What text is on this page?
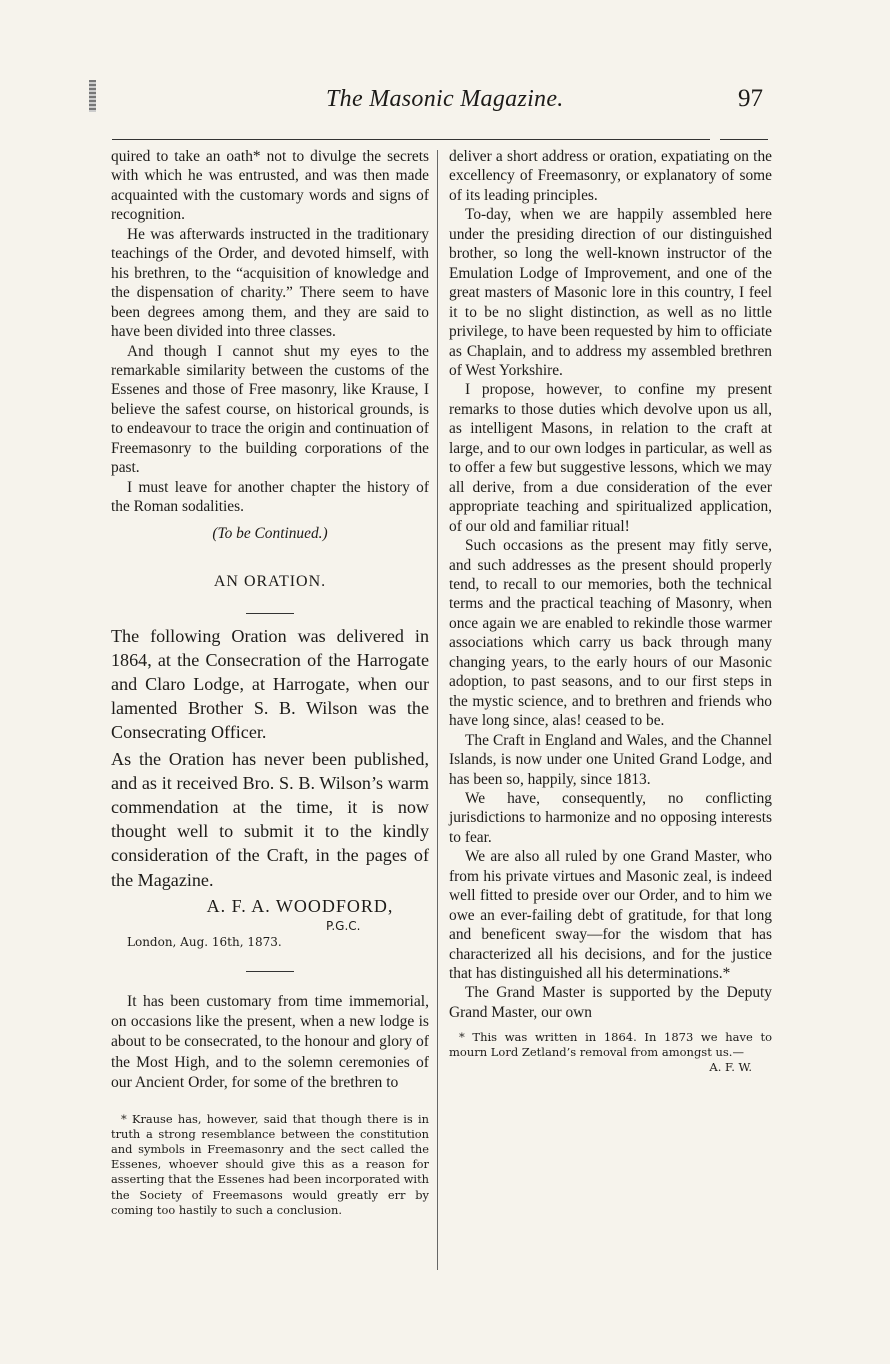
The Masonic Magazine.	97

quired to take an oath* not to divulge the secrets with which he was entrusted, and was then made acquainted with the customary words and signs of recognition.

He was afterwards instructed in the traditionary teachings of the Order, and devoted himself, with his brethren, to the “acquisition of knowledge and the dispensation of charity.” There seem to have been degrees among them, and they are said to have been divided into three classes.

And though I cannot shut my eyes to the remarkable similarity between the customs of the Essenes and those of Free masonry, like Krause, I believe the safest course, on historical grounds, is to endeavour to trace the origin and continuation of Freemasonry to the building corporations of the past.

I must leave for another chapter the history of the Roman sodalities.

(To be Continued.)
AN ORATION.

The following Oration was delivered in 1864, at the Consecration of the Harrogate and Claro Lodge, at Harrogate, when our lamented Brother S. B. Wilson was the Consecrating Officer.

As the Oration has never been published, and as it received Bro. S. B. Wilson’s warm commendation at the time, it is now thought well to submit it to the kindly consideration of the Craft, in the pages of the Magazine.

A. F. A. WOODFORD,
P.G.C.
London, Aug. 16th, 1873.

It has been customary from time immemorial, on occasions like the present, when a new lodge is about to be consecrated, to the honour and glory of the Most High, and to the solemn ceremonies of our Ancient Order, for some of the brethren to

* Krause has, however, said that though there is in truth a strong resemblance between the constitution and symbols in Freemasonry and the sect called the Essenes, whoever should give this as a reason for asserting that the Essenes had been incorporated with the Society of Freemasons would greatly err by coming too hastily to such a conclusion.

deliver a short address or oration, expatiating on the excellency of Freemasonry, or explanatory of some of its leading principles.

To-day, when we are happily assembled here under the presiding direction of our distinguished brother, so long the well-known instructor of the Emulation Lodge of Improvement, and one of the great masters of Masonic lore in this country, I feel it to be no slight distinction, as well as no little privilege, to have been requested by him to officiate as Chaplain, and to address my assembled brethren of West Yorkshire.

I propose, however, to confine my present remarks to those duties which devolve upon us all, as intelligent Masons, in relation to the craft at large, and to our own lodges in particular, as well as to offer a few but suggestive lessons, which we may all derive, from a due consideration of the ever appropriate teaching and spiritualized application, of our old and familiar ritual!

Such occasions as the present may fitly serve, and such addresses as the present should properly tend, to recall to our memories, both the technical terms and the practical teaching of Masonry, when once again we are enabled to rekindle those warmer associations which carry us back through many changing years, to the early hours of our Masonic adoption, to past seasons, and to our first steps in the mystic science, and to brethren and friends who have long since, alas! ceased to be.

The Craft in England and Wales, and the Channel Islands, is now under one United Grand Lodge, and has been so, happily, since 1813.

We have, consequently, no conflicting jurisdictions to harmonize and no opposing interests to fear.

We are also all ruled by one Grand Master, who from his private virtues and Masonic zeal, is indeed well fitted to preside over our Order, and to him we owe an ever-failing debt of gratitude, for that long and beneficent sway—for the wisdom that has characterized all his decisions, and for the justice that has distinguished all his determinations.*

The Grand Master is supported by the Deputy Grand Master, our own

* This was written in 1864. In 1873 we have to mourn Lord Zetland’s removal from amongst us.—

A. F. W.
